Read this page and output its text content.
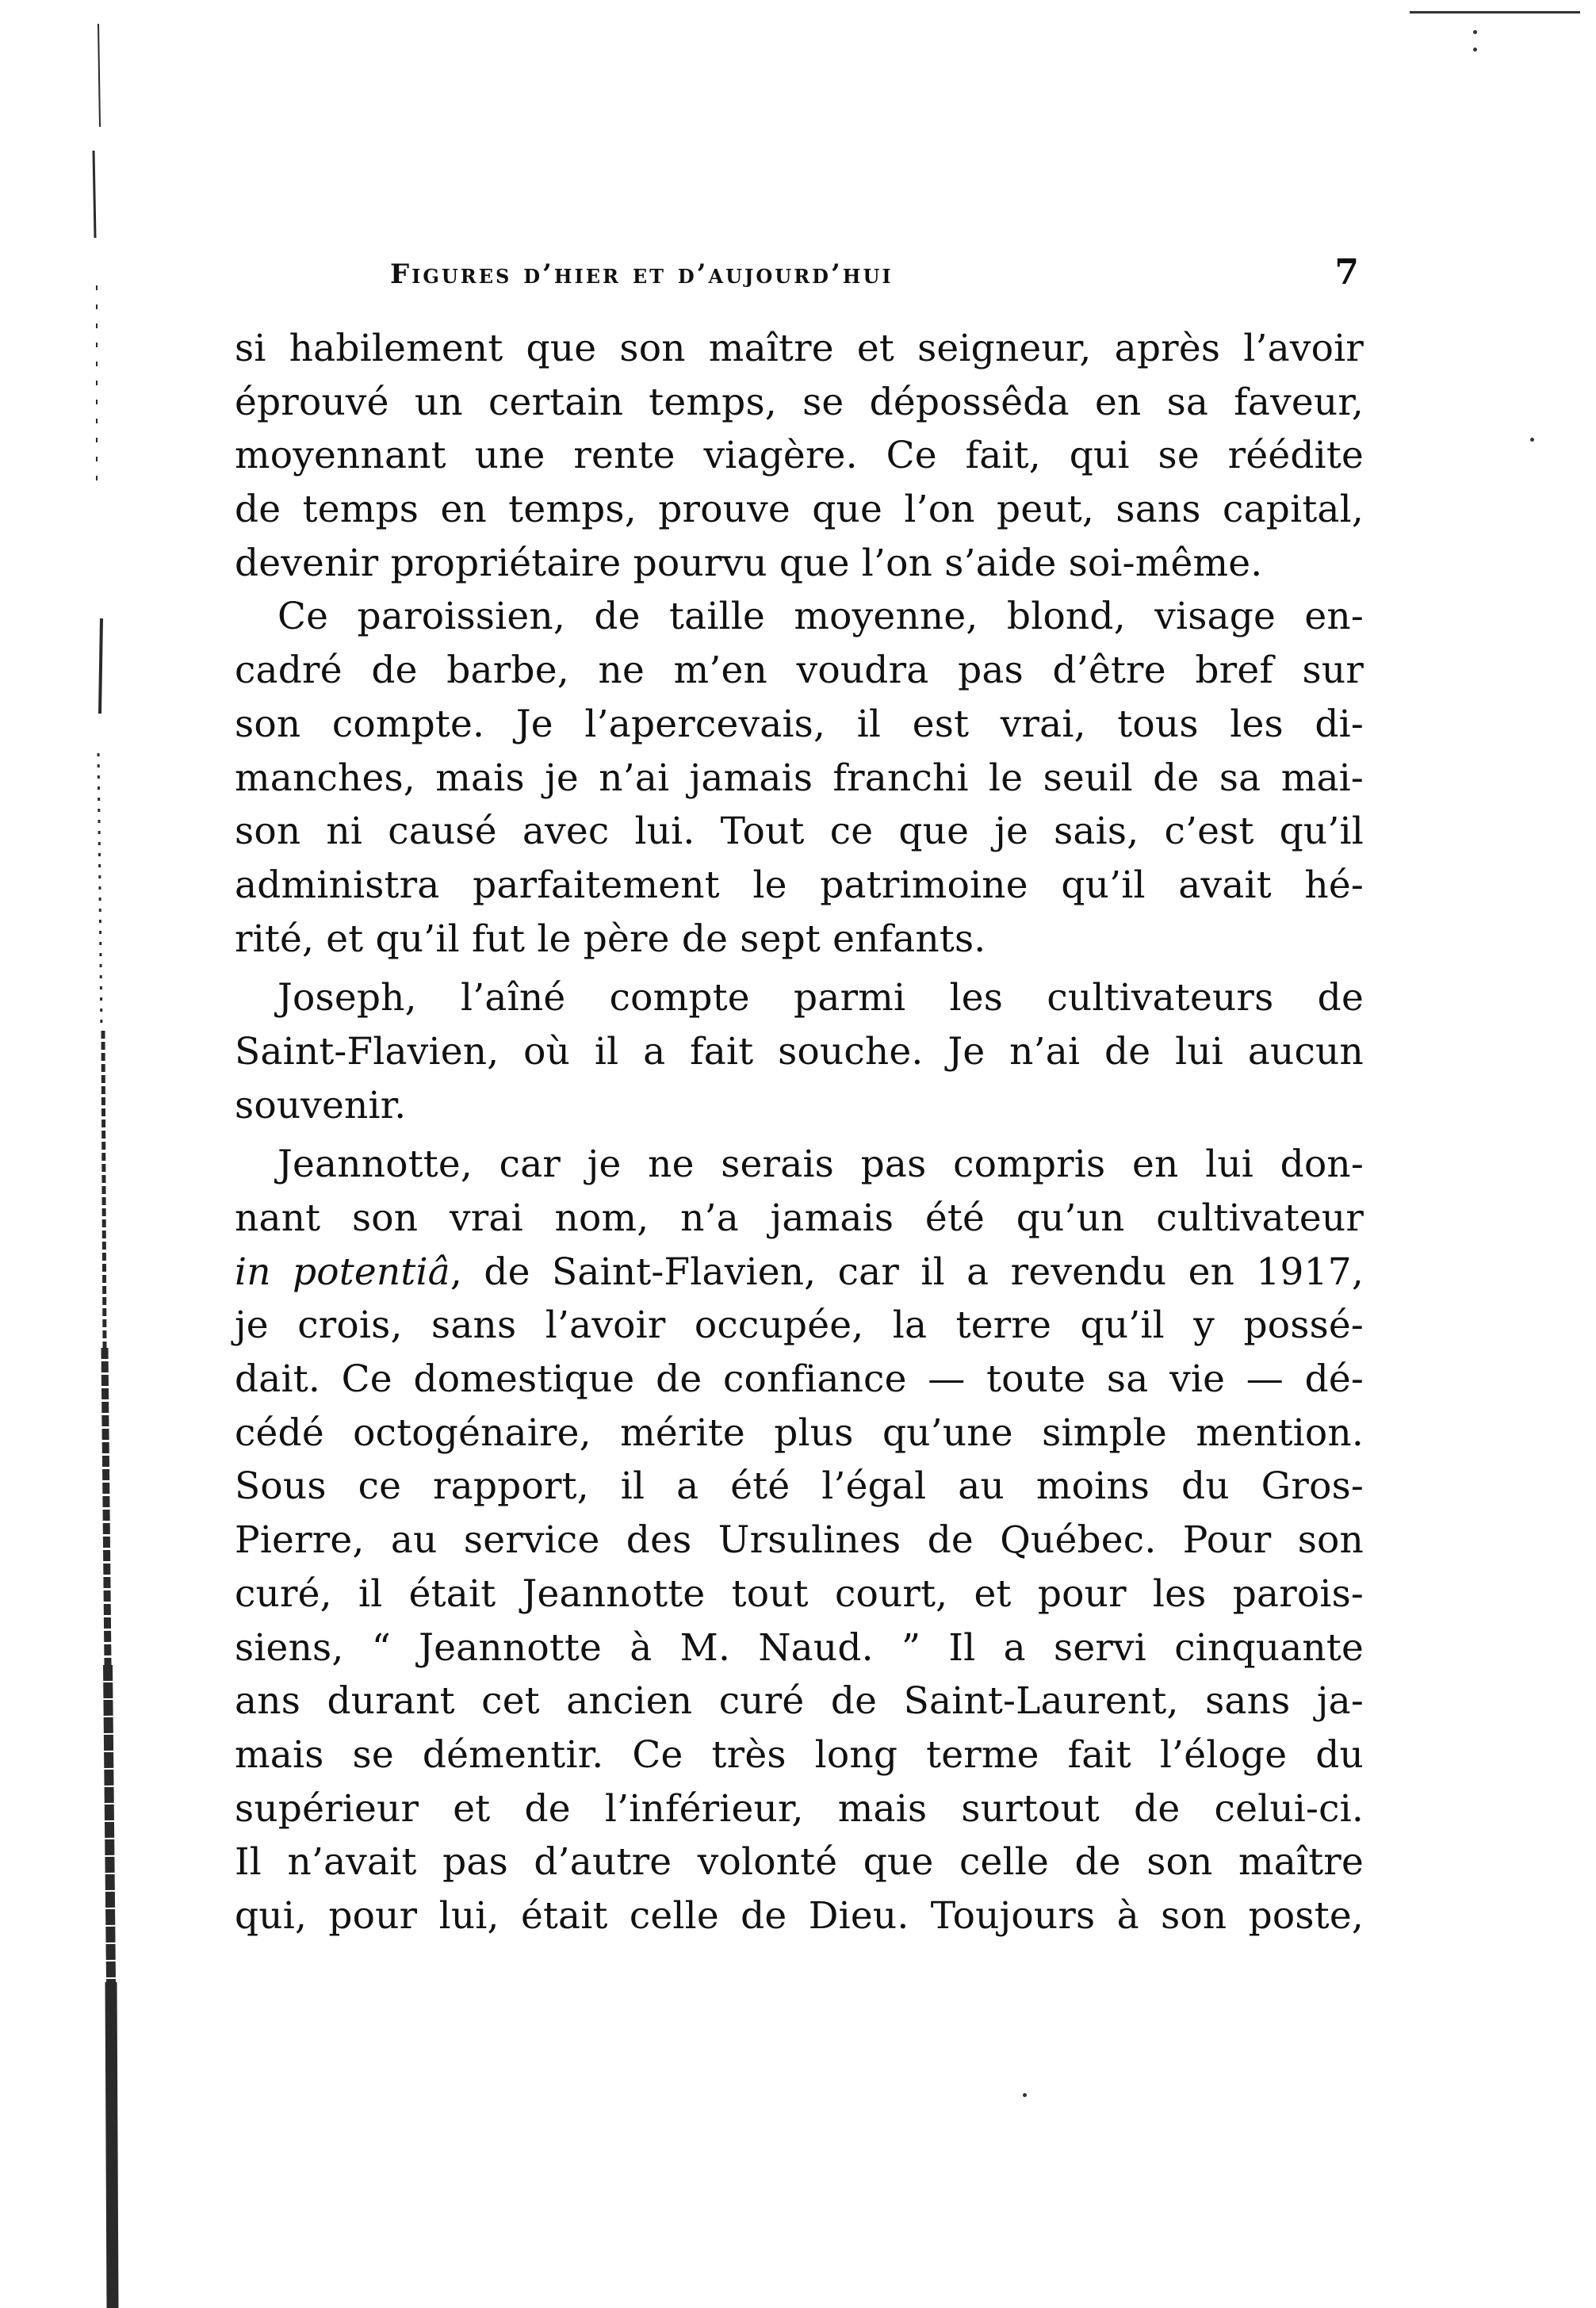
Figures d’hier et d’aujourd’hui	7
si habilement que son maître et seigneur, après l’avoir
éprouvé un certain temps, se dépossêda en sa faveur,
moyennant une rente viagère. Ce fait, qui se réédite
de temps en temps, prouve que l’on peut, sans capital,
devenir propriétaire pourvu que l’on s’aide soi-même.
Ce paroissien, de taille moyenne, blond, visage en-
cadré de barbe, ne m’en voudra pas d’être bref sur
son compte. Je l’apercevais, il est vrai, tous les di-
manches, mais je n’ai jamais franchi le seuil de sa mai-
son ni causé avec lui. Tout ce que je sais, c’est qu’il
administra parfaitement le patrimoine qu’il avait hé-
rité, et qu’il fut le père de sept enfants.
Joseph, l’aîné compte parmi les cultivateurs de
Saint-Flavien, où il a fait souche. Je n’ai de lui aucun
souvenir.
Jeannotte, car je ne serais pas compris en lui don-
nant son vrai nom, n’a jamais été qu’un cultivateur
in potentiâ, de Saint-Flavien, car il a revendu en 1917,
je crois, sans l’avoir occupée, la terre qu’il y possé-
dait. Ce domestique de confiance — toute sa vie — dé-
cédé octogénaire, mérite plus qu’une simple mention.
Sous ce rapport, il a été l’égal au moins du Gros-
Pierre, au service des Ursulines de Québec. Pour son
curé, il était Jeannotte tout court, et pour les parois-
siens, “ Jeannotte à M. Naud. ” Il a servi cinquante
ans durant cet ancien curé de Saint-Laurent, sans ja-
mais se démentir. Ce très long terme fait l’éloge du
supérieur et de l’inférieur, mais surtout de celui-ci.
Il n’avait pas d’autre volonté que celle de son maître
qui, pour lui, était celle de Dieu. Toujours à son poste,
